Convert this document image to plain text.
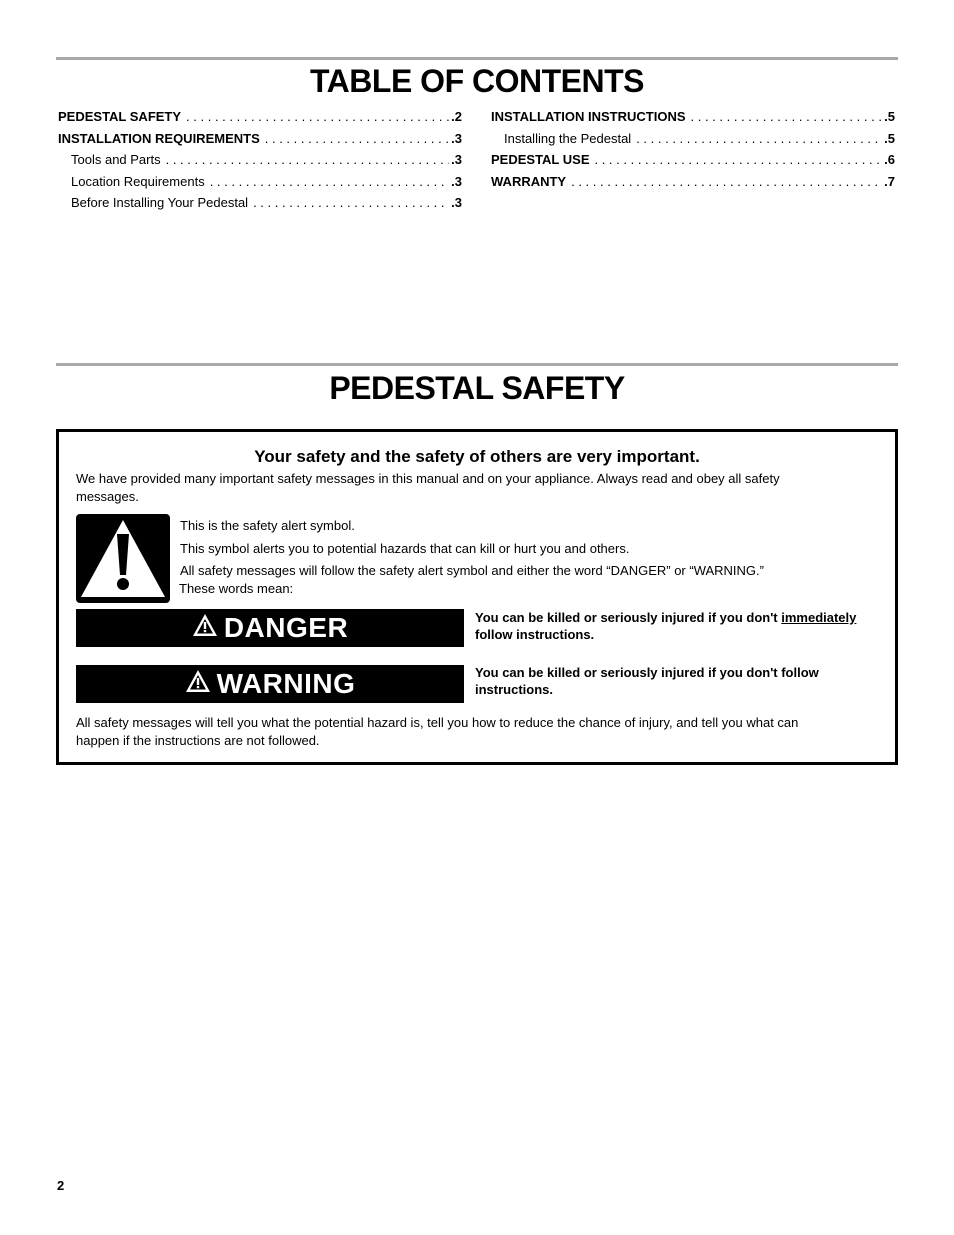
TABLE OF CONTENTS
PEDESTAL SAFETY . . .	.2
INSTALLATION REQUIREMENTS . . .	.3
Tools and Parts . . .	.3
Location Requirements . . .	.3
Before Installing Your Pedestal . . .	.3
INSTALLATION INSTRUCTIONS . . .	.5
Installing the Pedestal . . .	.5
PEDESTAL USE . . .	.6
WARRANTY . . .	.7
PEDESTAL SAFETY
Your safety and the safety of others are very important.

We have provided many important safety messages in this manual and on your appliance. Always read and obey all safety

messages.

This is the safety alert symbol.

This symbol alerts you to potential hazards that can kill or hurt you and others.

All safety messages will follow the safety alert symbol and either the word “DANGER” or “WARNING.”

These words mean:

DANGER	You can be killed or seriously injured if you don't immediately
follow instructions.
WARNING	You can be killed or seriously injured if you don't follow
instructions.

All safety messages will tell you what the potential hazard is, tell you how to reduce the chance of injury, and tell you what can

happen if the instructions are not followed.

2
